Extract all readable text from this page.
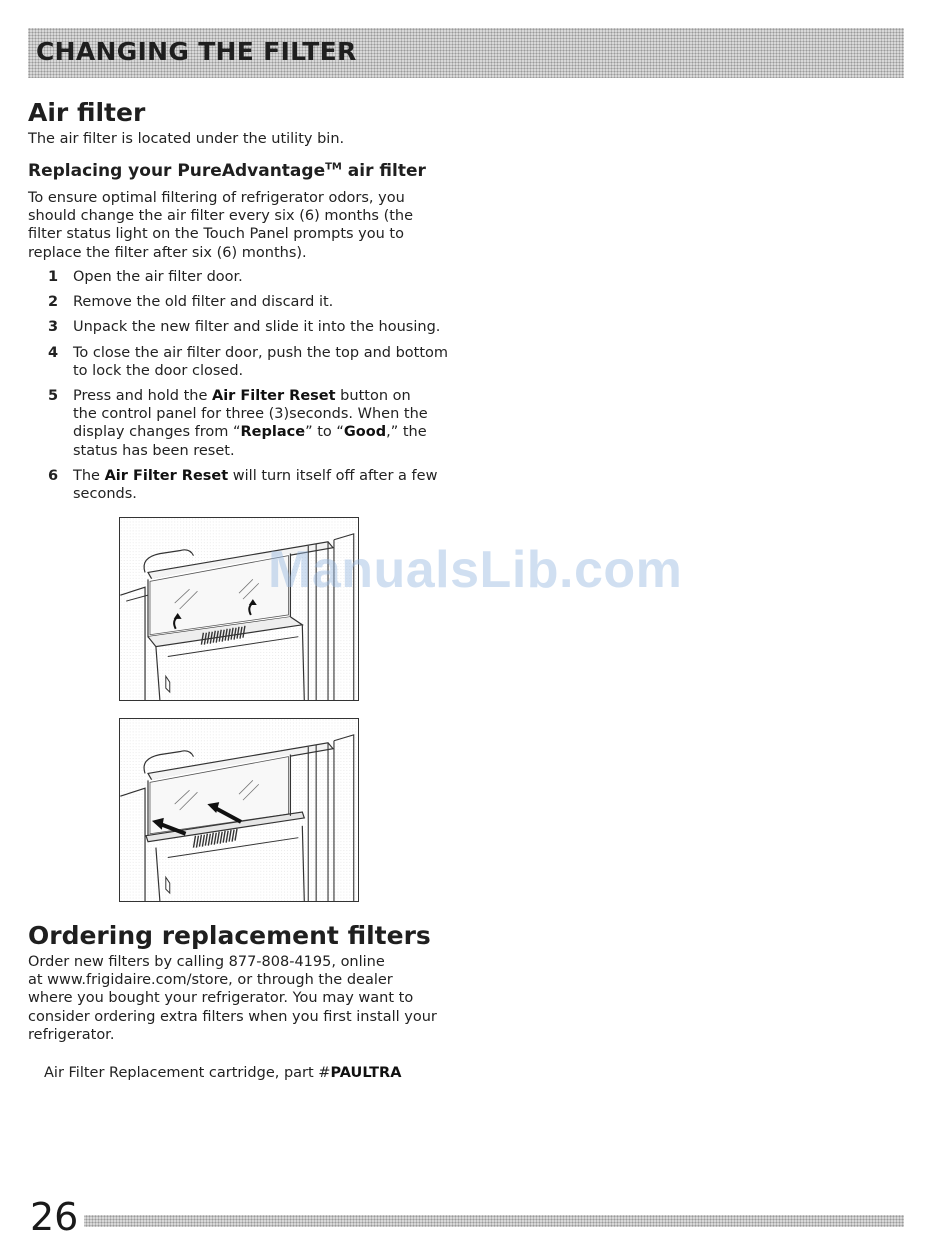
CHANGING THE FILTER
Air filter
The air filter is located under the utility bin.
Replacing your PureAdvantage™ air filter
To ensure optimal filtering of refrigerator odors, you
should change the air filter every six (6) months (the
filter status light on the Touch Panel prompts you to
replace the filter after six (6) months).
1	Open the air filter door.
2	Remove the old filter and discard it.
3	Unpack the new filter and slide it into the housing.
4	To close the air filter door, push the top and bottom
to lock the door closed.
5	Press and hold the Air Filter Reset button on
the control panel for three (3)seconds. When the
display changes from “Replace” to “Good,” the
status has been reset.
6	The Air Filter Reset will turn itself off after a few
seconds.
ManualsLib.com
Ordering replacement filters
Order new filters by calling 877-808-4195, online
at www.frigidaire.com/store, or through the dealer
where you bought your refrigerator. You may want to
consider ordering extra filters when you first install your
refrigerator.
Air Filter Replacement cartridge, part #PAULTRA
26
